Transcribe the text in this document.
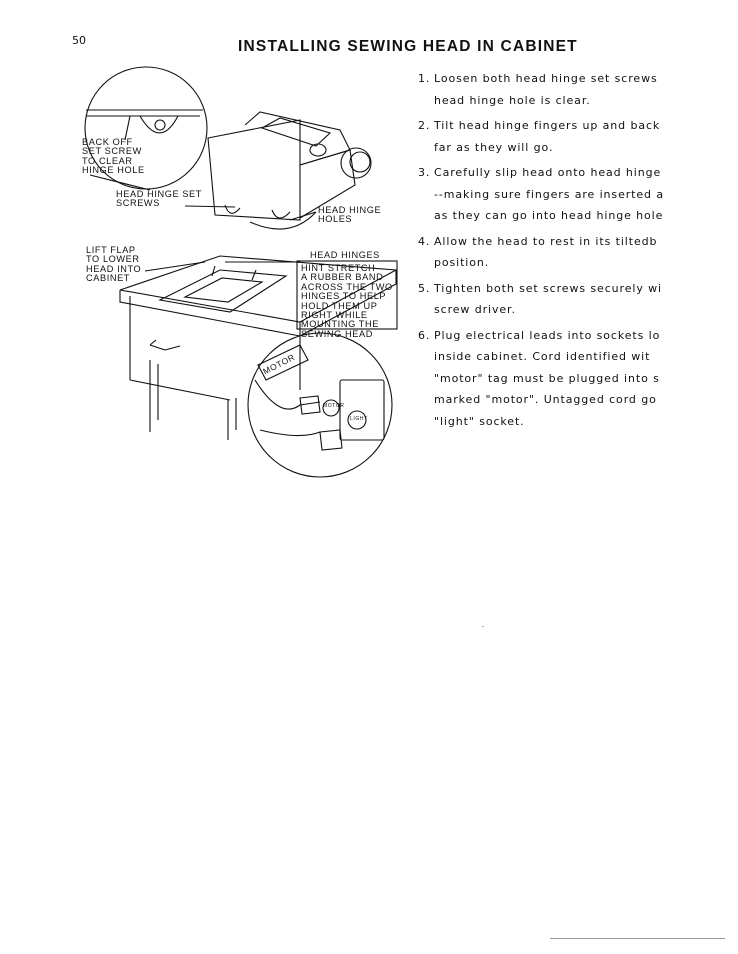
50	INSTALLING SEWING HEAD IN CABINET
BACK OFF
SET SCREW
TO CLEAR
HINGE HOLE
HEAD HINGE SET
SCREWS
HEAD HINGE
HOLES
LIFT FLAP
TO LOWER
HEAD INTO
CABINET
HEAD HINGES
HINT STRETCH
A RUBBER BAND
ACROSS THE TWO
HINGES TO HELP
HOLD THEM UP
RIGHT WHILE
MOUNTING THE
SEWING HEAD
MOTOR
MOTOR
LIGHT
1. Loosen both head hinge set screws
head hinge hole is clear.
2. Tilt head hinge fingers up and back
far as they will go.
3. Carefully slip head onto head hinge
--making sure fingers are inserted a
as they can go into head hinge hole
4. Allow the head to rest in its tiltedb
position.
5. Tighten both set screws securely wi
screw driver.
6. Plug electrical leads into sockets lo
inside cabinet. Cord identified wit
"motor" tag must be plugged into s
marked "motor". Untagged cord go
"light" socket.
